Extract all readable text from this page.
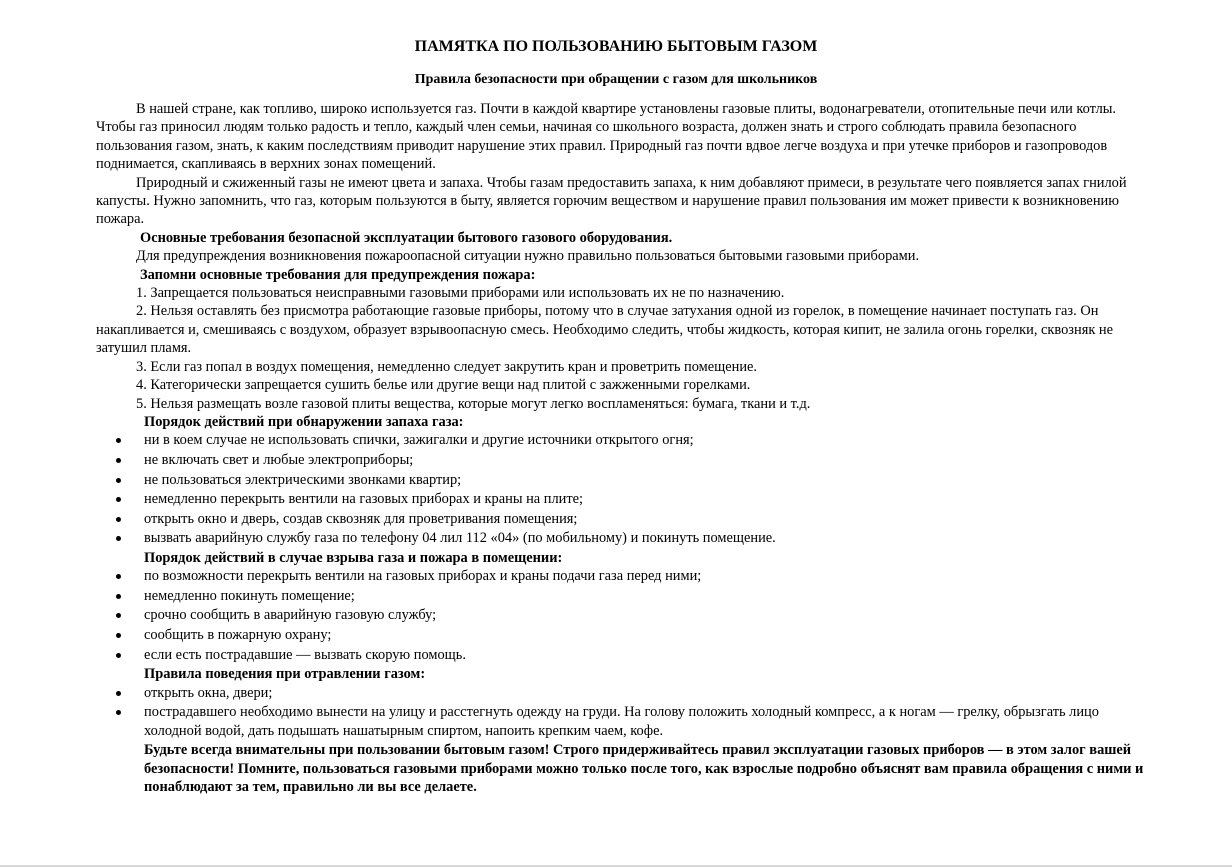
ПАМЯТКА ПО ПОЛЬЗОВАНИЮ БЫТОВЫМ ГАЗОМ
Правила безопасности при обращении с газом для школьников

В нашей стране, как топливо, широко используется газ. Почти в каждой квартире установлены газовые плиты, водонагреватели, отопительные печи или котлы. Чтобы газ приносил людям только радость и тепло, каждый член семьи, начиная со школьного возраста, должен знать и строго соблюдать правила безопасного пользования газом, знать, к каким последствиям приводит нарушение этих правил. Природный газ почти вдвое легче воздуха и при утечке приборов и газопроводов поднимается, скапливаясь в верхних зонах помещений.

Природный и сжиженный газы не имеют цвета и запаха. Чтобы газам предоставить запаха, к ним добавляют примеси, в результате чего появляется запах гнилой капусты. Нужно запомнить, что газ, которым пользуются в быту, является горючим веществом и нарушение правил пользования им может привести к возникновению пожара.

Основные требования безопасной эксплуатации бытового газового оборудования.

Для предупреждения возникновения пожароопасной ситуации нужно правильно пользоваться бытовыми газовыми приборами.

Запомни основные требования для предупреждения пожара:

1. Запрещается пользоваться неисправными газовыми приборами или использовать их не по назначению.

2. Нельзя оставлять без присмотра работающие газовые приборы, потому что в случае затухания одной из горелок, в помещение начинает поступать газ. Он накапливается и, смешиваясь с воздухом, образует взрывоопасную смесь. Необходимо следить, чтобы жидкость, которая кипит, не залила огонь горелки, сквозняк не затушил пламя.

3. Если газ попал в воздух помещения, немедленно следует закрутить кран и проветрить помещение.

4. Категорически запрещается сушить белье или другие вещи над плитой с зажженными горелками.

5. Нельзя размещать возле газовой плиты вещества, которые могут легко воспламеняться: бумага, ткани и т.д.

Порядок действий при обнаружении запаха газа:

ни в коем случае не использовать спички, зажигалки и другие источники открытого огня;
не включать свет и любые электроприборы;
не пользоваться электрическими звонками квартир;
немедленно перекрыть вентили на газовых приборах и краны на плите;
открыть окно и дверь, создав сквозняк для проветривания помещения;
вызвать аварийную службу газа по телефону 04 лил 112 «04» (по мобильному) и покинуть помещение.

Порядок действий в случае взрыва газа и пожара в помещении:

по возможности перекрыть вентили на газовых приборах и краны подачи газа перед ними;
немедленно покинуть помещение;
срочно сообщить в аварийную газовую службу;
сообщить в пожарную охрану;
если есть пострадавшие — вызвать скорую помощь.

Правила поведения при отравлении газом:

открыть окна, двери;
пострадавшего необходимо вынести на улицу и расстегнуть одежду на груди. На голову положить холодный компресс, а к ногам — грелку, обрызгать лицо холодной водой, дать подышать нашатырным спиртом, напоить крепким чаем, кофе.

Будьте всегда внимательны при пользовании бытовым газом! Строго придерживайтесь правил эксплуатации газовых приборов — в этом залог вашей безопасности! Помните, пользоваться газовыми приборами можно только после того, как взрослые подробно объяснят вам правила обращения с ними и понаблюдают за тем, правильно ли вы все делаете.
